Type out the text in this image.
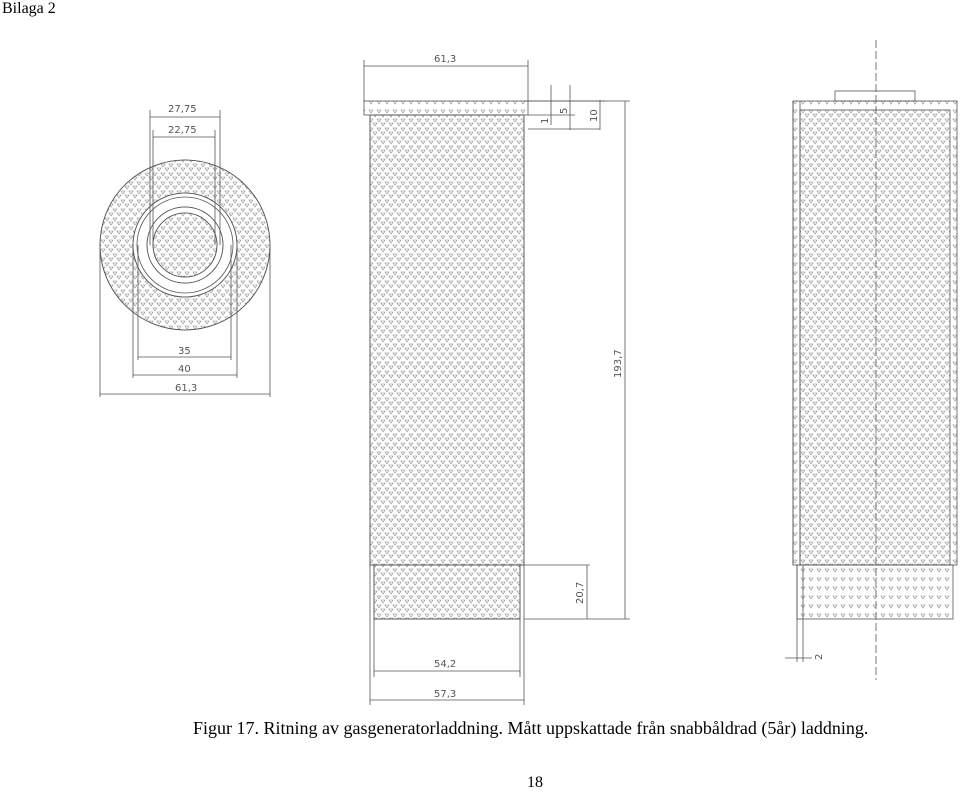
Bilaga 2
27,75
22,75
35
40
61,3
61,3
1
5 10
193,7
20,7
54,2
57,3
2
Figur 17. Ritning av gasgeneratorladdning. Mått uppskattade från snabbåldrad (5år) laddning.
18
